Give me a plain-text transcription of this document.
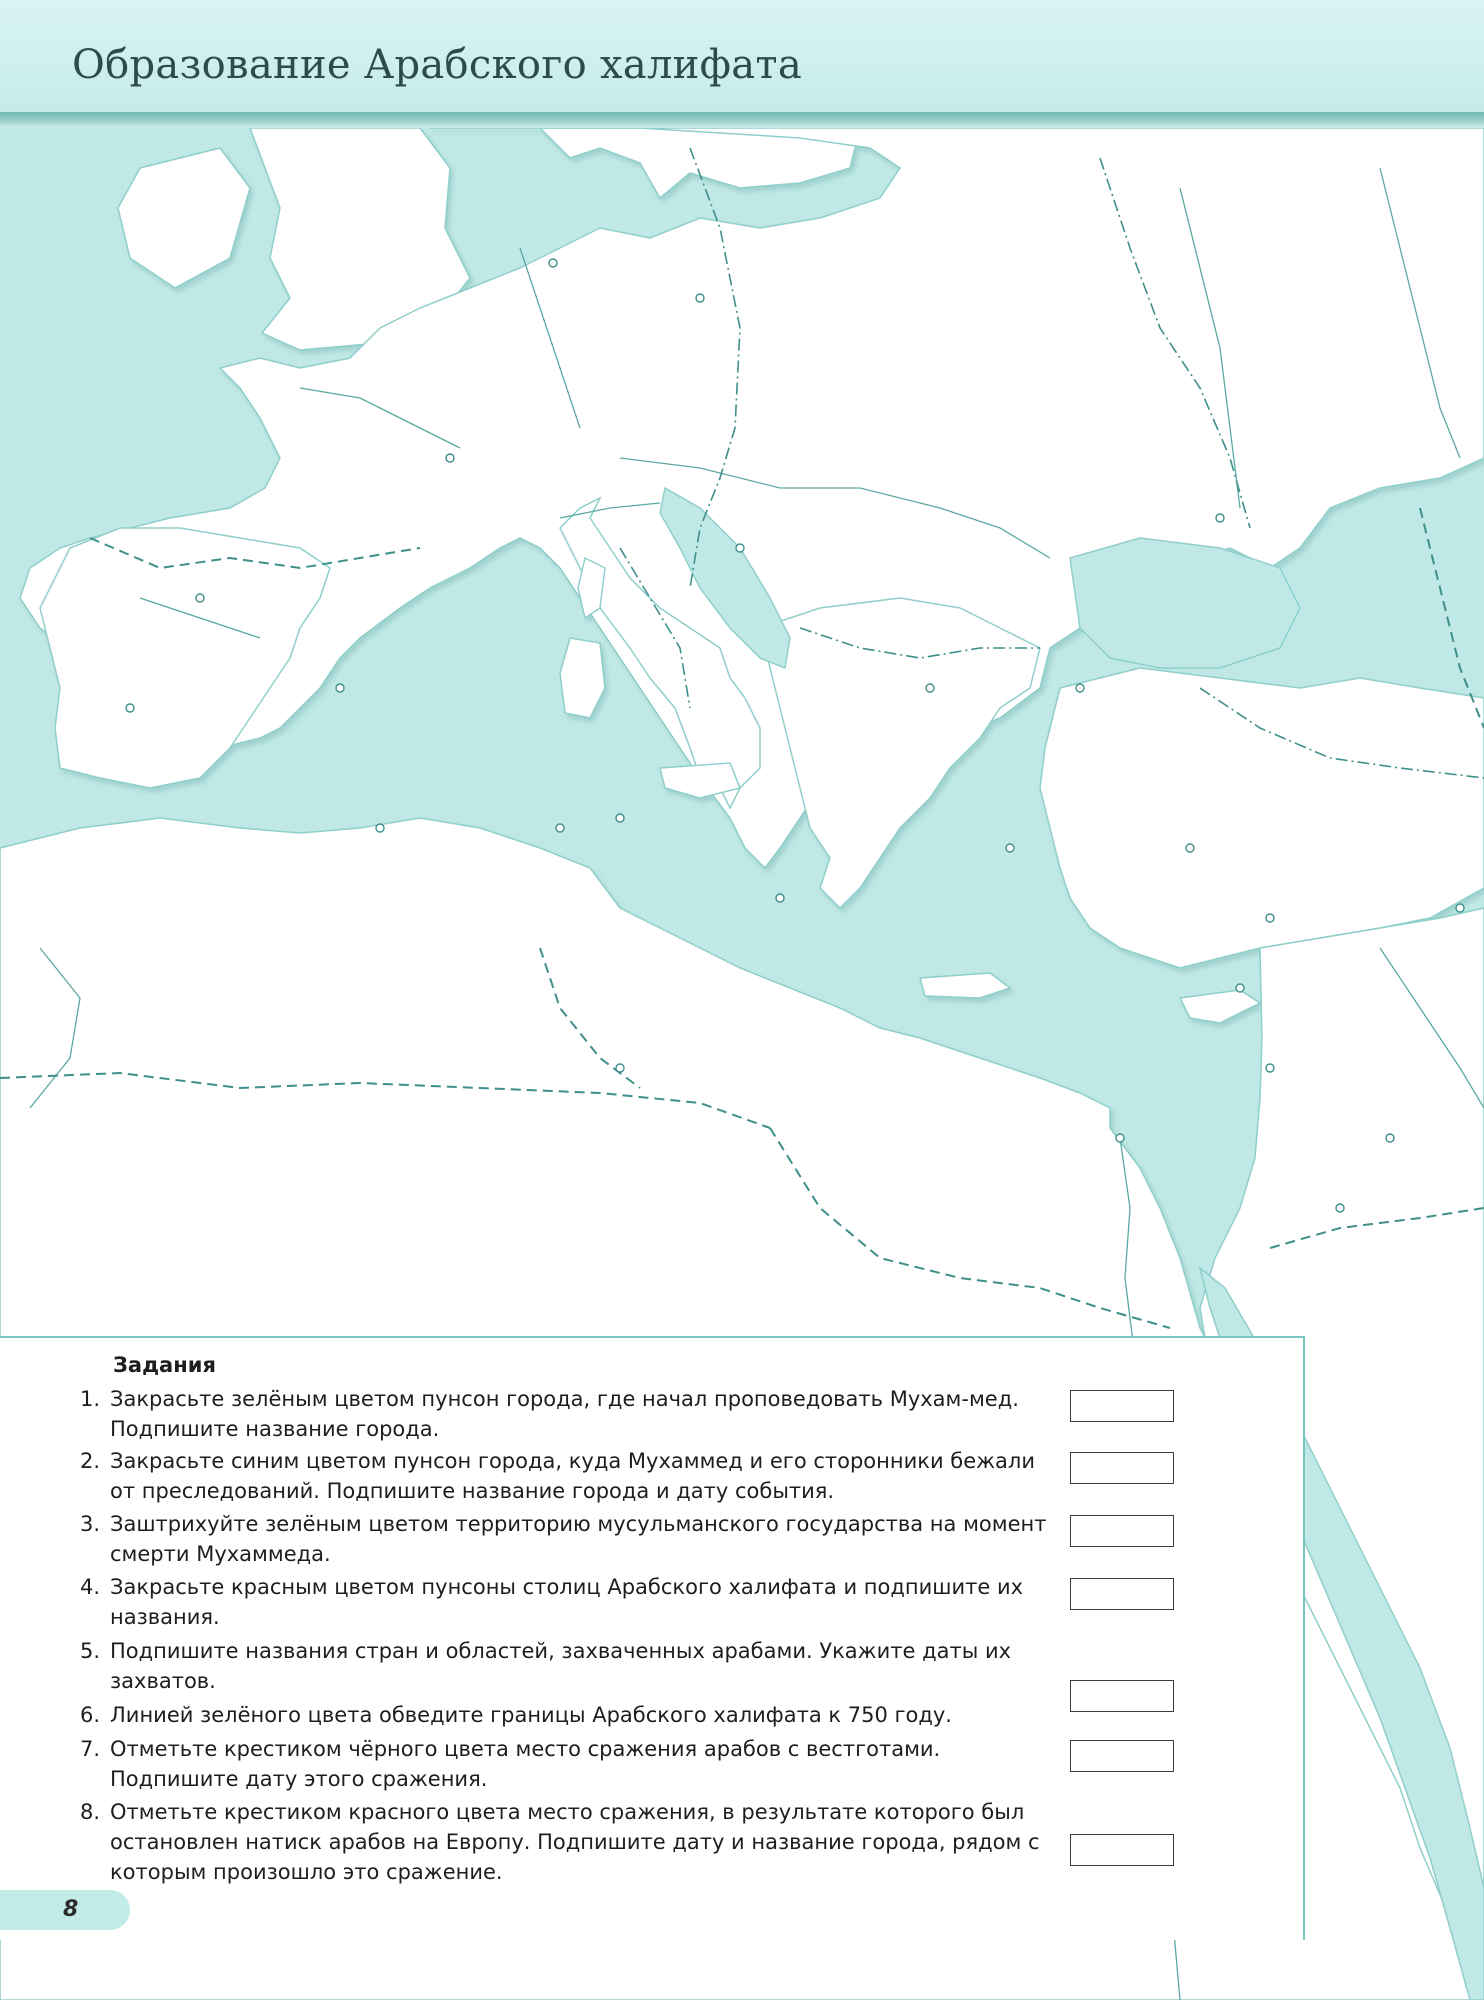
Образование Арабского халифата
Задания
1. Закрасьте зелёным цветом пунсон города, где начал проповедовать Мухам-мед. Подпишите название города.
2. Закрасьте синим цветом пунсон города, куда Мухаммед и его сторонники бежали от преследований. Подпишите название города и дату события.
3. Заштрихуйте зелёным цветом территорию мусульманского государства на момент смерти Мухаммеда.
4. Закрасьте красным цветом пунсоны столиц Арабского халифата и подпишите их названия.
5. Подпишите названия стран и областей, захваченных арабами. Укажите даты их захватов.
6. Линией зелёного цвета обведите границы Арабского халифата к 750 году.
7. Отметьте крестиком чёрного цвета место сражения арабов с вестготами. Подпишите дату этого сражения.
8. Отметьте крестиком красного цвета место сражения, в результате которого был остановлен натиск арабов на Европу. Подпишите дату и название города, рядом с которым произошло это сражение.
8
